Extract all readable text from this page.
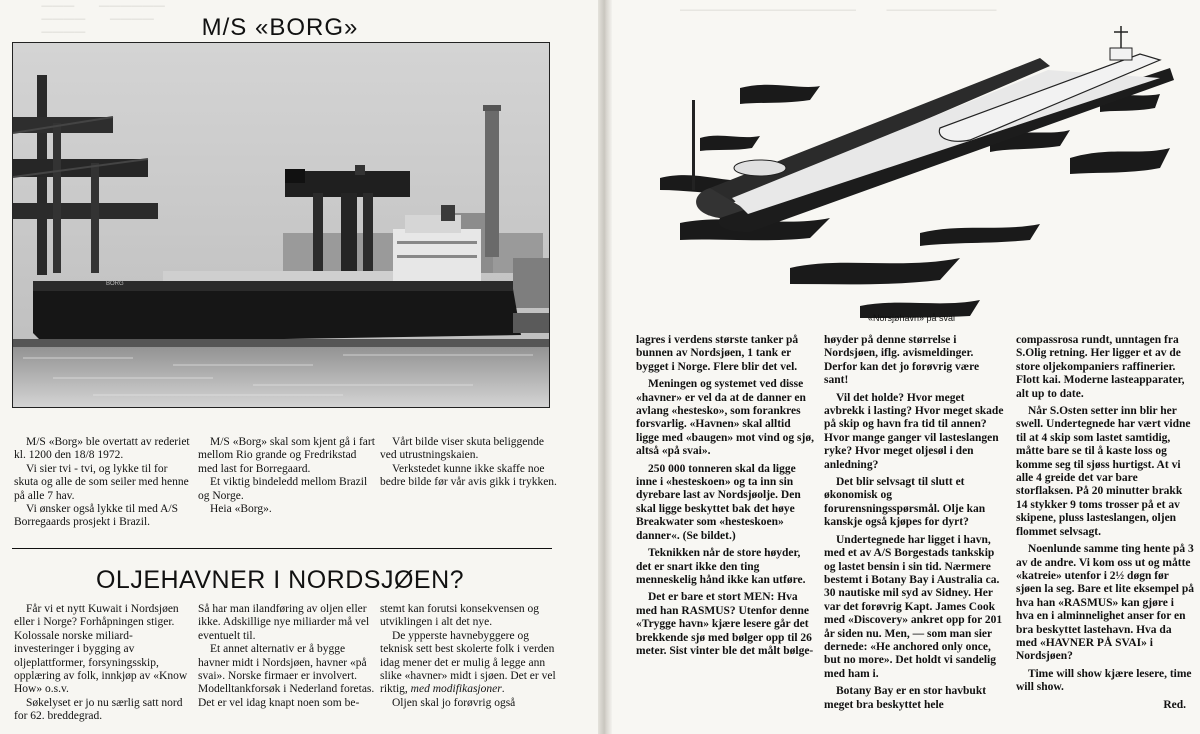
———        ——————
————        ————
————
————————————————          ——————————
M/S «BORG»
BORG

M/S «Borg» ble overtatt av rederiet kl. 1200 den 18/8 1972.

Vi sier tvi - tvi, og lykke til for skuta og alle de som seiler med henne på alle 7 hav.

Vi ønsker også lykke til med A/S Borregaards prosjekt i Brazil.

M/S «Borg» skal som kjent gå i fart mellom Rio grande og Fredrikstad med last for Borregaard.

Et viktig bindeledd mellom Brazil og Norge.

Heia «Borg».

Vårt bilde viser skuta beliggende ved utrustningskaien.

Verkstedet kunne ikke skaffe noe bedre bilde før vår avis gikk i trykken.

OLJEHAVNER I NORDSJØEN?

Får vi et nytt Kuwait i Nordsjøen eller i Norge? Forhåpningen stiger. Kolossale norske miliard-investeringer i bygging av oljeplattformer, forsyningsskip, opplæring av folk, innkjøp av «Know How» o.s.v.

Søkelyset er jo nu særlig satt nord for 62. breddegrad.

Så har man ilandføring av oljen eller ikke. Adskillige nye miliarder må vel eventuelt til.

Et annet alternativ er å bygge havner midt i Nordsjøen, havner «på svai». Norske firmaer er involvert. Modelltankforsøk i Nederland foretas. Det er vel idag knapt noen som be-

stemt kan forutsi konsekvensen og utviklingen i alt det nye.

De ypperste havnebyggere og teknisk sett best skolerte folk i verden idag mener det er mulig å legge ann slike «havner» midt i sjøen. Det er vel riktig, med modifikasjoner.

Oljen skal jo forøvrig også

«Norsjøhavn» på svai

lagres i verdens største tanker på bunnen av Nordsjøen, 1 tank er bygget i Norge. Flere blir det vel.

Meningen og systemet ved disse «havner» er vel da at de danner en avlang «hestesko», som forankres forsvarlig. «Havnen» skal alltid ligge med «baugen» mot vind og sjø, altså «på svai».

250 000 tonneren skal da ligge inne i «hesteskoen» og ta inn sin dyrebare last av Nordsjøolje. Den skal ligge beskyttet bak det høye Breakwater som «hesteskoen» danner«. (Se bildet.)

Teknikken når de store høyder, det er snart ikke den ting menneskelig hånd ikke kan utføre.

Det er bare et stort MEN: Hva med han RASMUS? Utenfor denne «Trygge havn» kjære lesere går det brekkende sjø med bølger opp til 26 meter. Sist vinter ble det målt bølge-

høyder på denne størrelse i Nordsjøen, iflg. avismeldinger. Derfor kan det jo forøvrig være sant!

Vil det holde? Hvor meget avbrekk i lasting? Hvor meget skade på skip og havn fra tid til annen? Hvor mange ganger vil lasteslangen ryke? Hvor meget oljesøl i den anledning?

Det blir selvsagt til slutt et økonomisk og forurensningsspørsmål. Olje kan kanskje også kjøpes for dyrt?

Undertegnede har ligget i havn, med et av A/S Borgestads tankskip og lastet bensin i sin tid. Nærmere bestemt i Botany Bay i Australia ca. 30 nautiske mil syd av Sidney. Her var det forøvrig Kapt. James Cook med «Discovery» ankret opp for 201 år siden nu. Men, — som man sier dernede: «He anchored only once, but no more». Det holdt vi sandelig med ham i.

Botany Bay er en stor havbukt meget bra beskyttet hele

compassrosa rundt, unntagen fra S.Olig retning. Her ligger et av de store oljekompaniers raffinerier. Flott kai. Moderne lasteapparater, alt up to date.

Når S.Osten setter inn blir her swell. Undertegnede har vært vidne til at 4 skip som lastet samtidig, måtte bare se til å kaste loss og komme seg til sjøss hurtigst. At vi alle 4 greide det var bare storflaksen. På 20 minutter brakk 14 stykker 9 toms trosser på et av skipene, pluss lasteslangen, oljen flommet selvsagt.

Noenlunde samme ting hente på 3 av de andre. Vi kom oss ut og måtte «katreie» utenfor i 2½ døgn før sjøen la seg. Bare et lite eksempel på hva han «RASMUS» kan gjøre i hva en i alminnelighet anser for en bra beskyttet lastehavn. Hva da med «HAVNER PÅ SVAI» i Nordsjøen?

Time will show kjære lesere, time will show.

Red.
